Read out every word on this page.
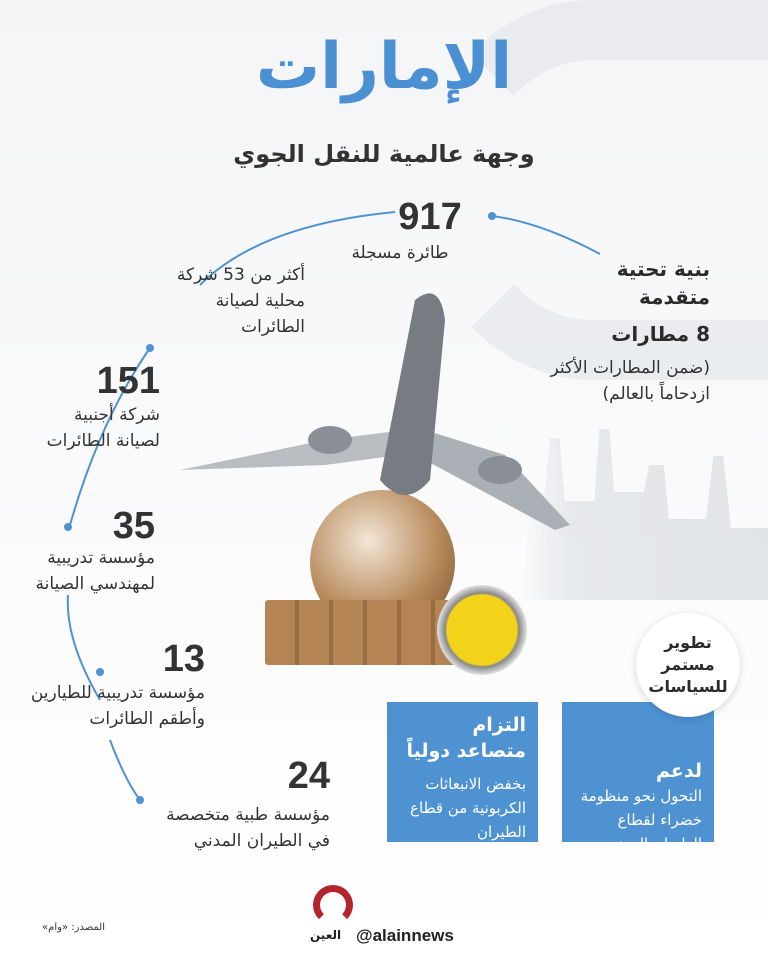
الإمارات
وجهة عالمية للنقل الجوي
917
طائرة مسجلة
بنية تحتية متقدمة
8 مطارات
(ضمن المطارات الأكثر ازدحاماً بالعالم)
أكثر من 53 شركة محلية لصيانة الطائرات
151
شركة أجنبية لصيانة الطائرات
35
مؤسسة تدريبية لمهندسي الصيانة
13
مؤسسة تدريبية للطيارين وأطقم الطائرات
24
مؤسسة طبية متخصصة في الطيران المدني
لدعم
التحول نحو منظومة خضراء لقطاع الطيران المدني
التزام متصاعد دولياً
بخفض الانبعاثات الكربونية من قطاع الطيران
تطوير مستمر للسياسات
العين @alainnews
المصدر: «وام»
